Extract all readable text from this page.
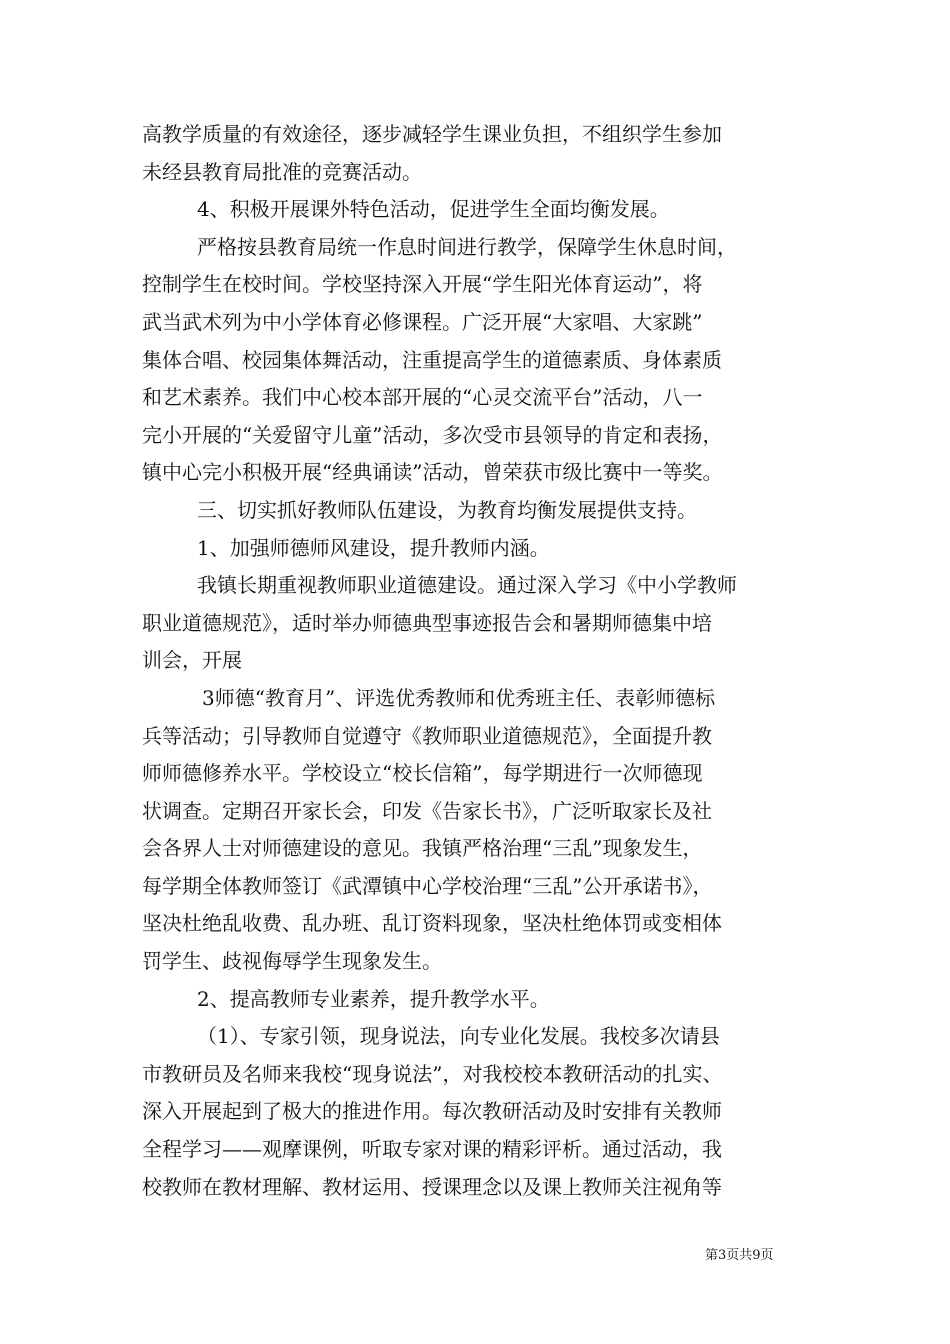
高教学质量的有效途径，逐步减轻学生课业负担，不组织学生参加
未经县教育局批准的竞赛活动。
4、积极开展课外特色活动，促进学生全面均衡发展。
严格按县教育局统一作息时间进行教学，保障学生休息时间，
控制学生在校时间。学校坚持深入开展“学生阳光体育运动”，将
武当武术列为中小学体育必修课程。广泛开展“大家唱、大家跳”
集体合唱、校园集体舞活动，注重提高学生的道德素质、身体素质
和艺术素养。我们中心校本部开展的“心灵交流平台”活动，八一
完小开展的“关爱留守儿童”活动，多次受市县领导的肯定和表扬，
镇中心完小积极开展“经典诵读”活动，曾荣获市级比赛中一等奖。
三、切实抓好教师队伍建设，为教育均衡发展提供支持。
1、加强师德师风建设，提升教师内涵。
我镇长期重视教师职业道德建设。通过深入学习《中小学教师
职业道德规范》，适时举办师德典型事迹报告会和暑期师德集中培
训会，开展
3师德“教育月”、评选优秀教师和优秀班主任、表彰师德标
兵等活动；引导教师自觉遵守《教师职业道德规范》，全面提升教
师师德修养水平。学校设立“校长信箱”，每学期进行一次师德现
状调查。定期召开家长会，印发《告家长书》，广泛听取家长及社
会各界人士对师德建设的意见。我镇严格治理“三乱”现象发生，
每学期全体教师签订《武潭镇中心学校治理“三乱”公开承诺书》，
坚决杜绝乱收费、乱办班、乱订资料现象，坚决杜绝体罚或变相体
罚学生、歧视侮辱学生现象发生。
2、提高教师专业素养，提升教学水平。
（1）、专家引领，现身说法，向专业化发展。我校多次请县
市教研员及名师来我校“现身说法”，对我校校本教研活动的扎实、
深入开展起到了极大的推进作用。每次教研活动及时安排有关教师
全程学习——观摩课例，听取专家对课的精彩评析。通过活动，我
校教师在教材理解、教材运用、授课理念以及课上教师关注视角等
第3页共9页
